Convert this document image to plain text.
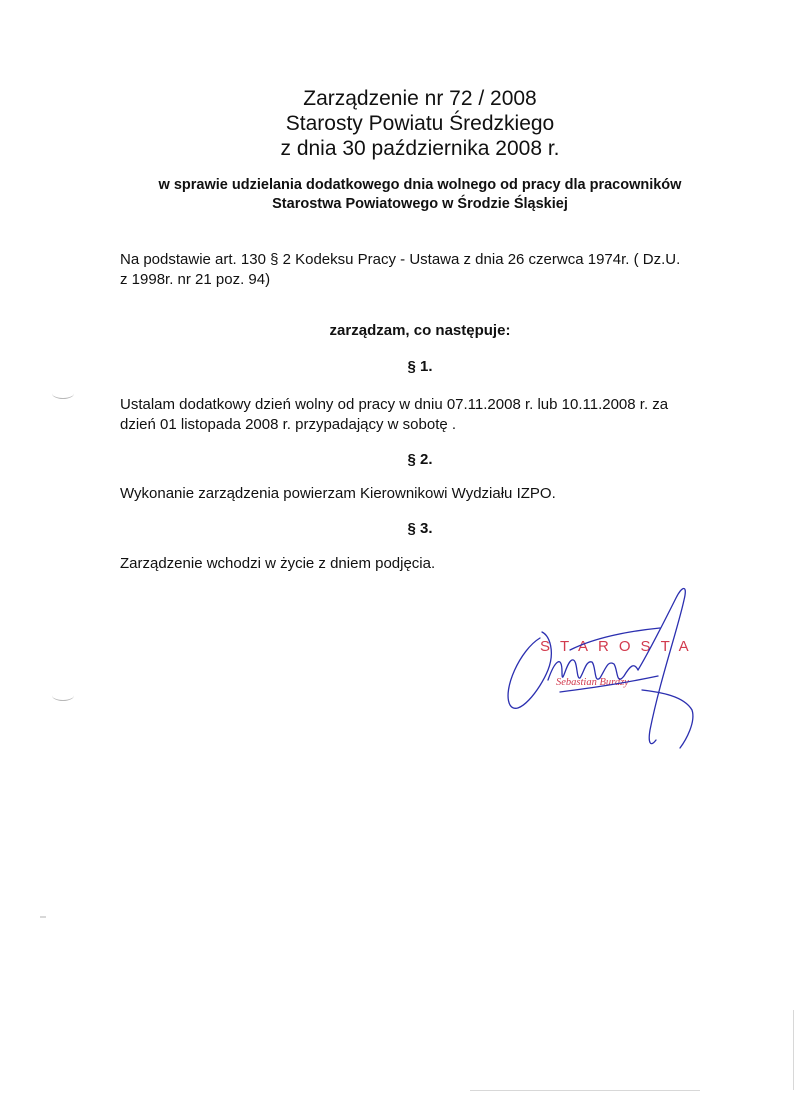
Zarządzenie nr 72 / 2008
Starosty Powiatu Średzkiego
z dnia 30 października 2008 r.
w sprawie udzielania dodatkowego dnia wolnego od pracy dla pracowników
Starostwa Powiatowego w Środzie Śląskiej
Na podstawie art. 130 § 2 Kodeksu Pracy - Ustawa z dnia 26 czerwca 1974r. ( Dz.U.
z 1998r. nr 21 poz. 94)
zarządzam, co następuje:
§ 1.
Ustalam dodatkowy dzień wolny od pracy w dniu 07.11.2008 r. lub 10.11.2008 r. za
dzień 01 listopada 2008 r. przypadający w sobotę .
§ 2.
Wykonanie zarządzenia powierzam Kierownikowi Wydziału IZPO.
§ 3.
Zarządzenie wchodzi w życie z dniem podjęcia.
STAROSTA
Sebastian Burdzy
